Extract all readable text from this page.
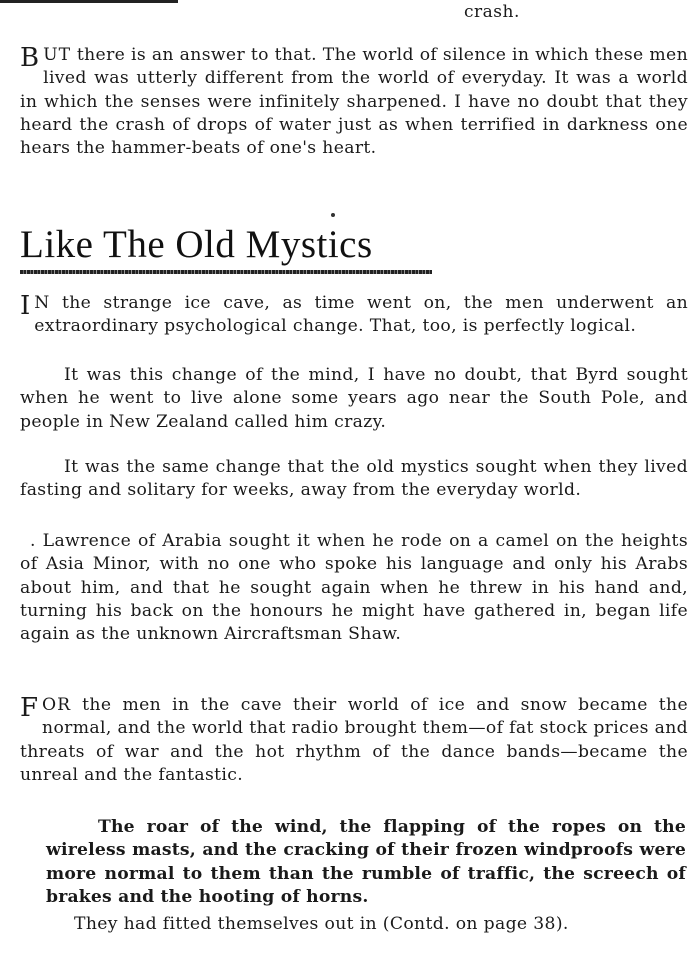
crash.

BUT there is an answer to that. The world of silence in which these men lived was utterly different from the world of everyday. It was a world in which the senses were infinitely sharpened. I have no doubt that they heard the crash of drops of water just as when terrified in darkness one hears the hammer-beats of one's heart.

Like The Old Mystics

I N the strange ice cave, as time went on, the men underwent an extraordinary psychological change. That, too, is perfectly logical.

It was this change of the mind, I have no doubt, that Byrd sought when he went to live alone some years ago near the South Pole, and people in New Zealand called him crazy.

It was the same change that the old mystics sought when they lived fasting and solitary for weeks, away from the everyday world.

. Lawrence of Arabia sought it when he rode on a camel on the heights of Asia Minor, with no one who spoke his language and only his Arabs about him, and that he sought again when he threw in his hand and, turning his back on the honours he might have gathered in, began life again as the unknown Aircraftsman Shaw.

FOR the men in the cave their world of ice and snow became the normal, and the world that radio brought them—of fat stock prices and threats of war and the hot rhythm of the dance bands—became the unreal and the fantastic.

The roar of the wind, the flapping of the ropes on the wireless masts, and the cracking of their frozen windproofs were more normal to them than the rumble of traffic, the screech of brakes and the hooting of horns.

They had fitted themselves out in (Contd. on page 38).
